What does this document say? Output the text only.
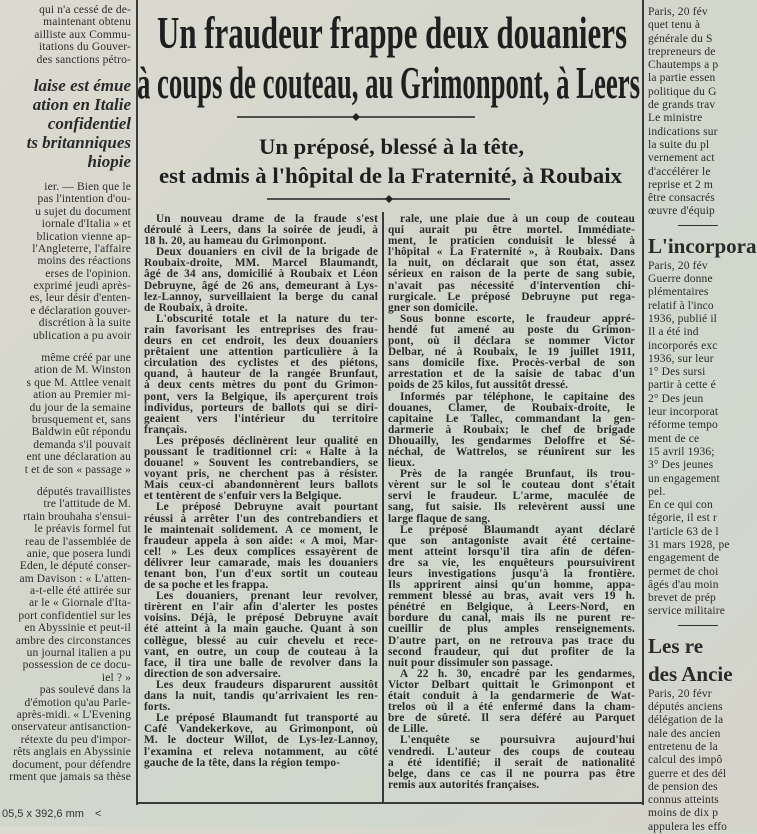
Un fraudeur frappe deux douaniers
à coups de couteau, au Grimonpont, à Leers
Un préposé, blessé à la tête,
est admis à l'hôpital de la Fraternité, à Roubaix
qui n'a cessé de de-
maintenant obtenu
ailliste aux Commu-
itations du Gouver-
des sanctions pétro-
laise est émue
ation en Italie
confidentiel
ts britanniques
hiopie
ier. — Bien que le
pas l'intention d'ou-
u sujet du document
iornale d'Italia » et
blication vienne ap-
l'Angleterre, l'affaire
moins des réactions
erses de l'opinion.
exprimé jeudi après-
es, leur désir d'enten-
e déclaration gouver-
discrétion à la suite
ublication a pu avoir
même créé par une
ation de M. Winston
s que M. Attlee venait
ation au Premier mi-
du jour de la semaine
brusquement et, sans
Baldwin eût répondu
demanda s'il pouvait
ent une déclaration au
t et de son « passage »
députés travaillistes
tre l'attitude de M.
rtain brouhaha s'ensui-
le préavis formel fut
reau de l'assemblée de
anie, que posera lundi
Eden, le député conser-
am Davison : « L'atten-
a-t-elle été attirée sur
ar le « Giornale d'Ita-
port confidentiel sur les
en Abyssinie et peut-il
ambre des circonstances
un journal italien a pu
possession de ce docu-
iel ? »
pas soulevé dans la
d'émotion qu'au Parle-
après-midi. « L'Evening
onservateur antisanction-
rétexte du peu d'impor-
rêts anglais en Abyssinie
document, pour défendre
rment que jamais sa thèse
Un nouveau drame de la fraude s'est
déroulé à Leers, dans la soirée de jeudi, à
18 h. 20, au hameau du Grimonpont.
Deux douaniers en civil de la brigade de
Roubaix-droite, MM. Marcel Blaumandt,
âgé de 34 ans, domicilié à Roubaix et Léon
Debruyne, âgé de 26 ans, demeurant à Lys-
lez-Lannoy, surveillaient la berge du canal
de Roubaix, à droite.
L'obscurité totale et la nature du ter-
rain favorisant les entreprises des frau-
deurs en cet endroit, les deux douaniers
prêtaient une attention particulière à la
circulation des cyclistes et des piétons,
quand, à hauteur de la rangée Brunfaut,
à deux cents mètres du pont du Grimon-
pont, vers la Belgique, ils aperçurent trois
individus, porteurs de ballots qui se diri-
geaient vers l'intérieur du territoire
français.
Les préposés déclinèrent leur qualité en
poussant le traditionnel cri: « Halte à la
douane! » Souvent les contrebandiers, se
voyant pris, ne cherchent pas à résister.
Mais ceux-ci abandonnèrent leurs ballots
et tentèrent de s'enfuir vers la Belgique.
Le préposé Debruyne avait pourtant
réussi à arrêter l'un des contrebandiers et
le maintenait solidement. A ce moment, le
fraudeur appela à son aide: « A moi, Mar-
cel! » Les deux complices essayèrent de
délivrer leur camarade, mais les douaniers
tenant bon, l'un d'eux sortit un couteau
de sa poche et les frappa.
Les douaniers, prenant leur revolver,
tirèrent en l'air afin d'alerter les postes
voisins. Déjà, le préposé Debruyne avait
été atteint à la main gauche. Quant à son
collègue, blessé au cuir chevelu et rece-
vant, en outre, un coup de couteau à la
face, il tira une balle de revolver dans la
direction de son adversaire.
Les deux fraudeurs disparurent aussitôt
dans la nuit, tandis qu'arrivaient les ren-
forts.
Le préposé Blaumandt fut transporté au
Café Vandekerkove, au Grimonpont, où
M. le docteur Willot, de Lys-lez-Lannoy,
l'examina et releva notamment, au côté
gauche de la tête, dans la région tempo-
rale, une plaie due à un coup de couteau
qui aurait pu être mortel. Immédiate-
ment, le praticien conduisit le blessé à
l'hôpital « La Fraternité », à Roubaix. Dans
la nuit, on déclarait que son état, assez
sérieux en raison de la perte de sang subie,
n'avait pas nécessité d'intervention chi-
rurgicale. Le préposé Debruyne put rega-
gner son domicile.
Sous bonne escorte, le fraudeur appré-
hendé fut amené au poste du Grimon-
pont, où il déclara se nommer Victor
Delbar, né à Roubaix, le 19 juillet 1911,
sans domicile fixe. Procès-verbal de son
arrestation et de la saisie de tabac d'un
poids de 25 kilos, fut aussitôt dressé.
Informés par téléphone, le capitaine des
douanes, Clamer, de Roubaix-droite, le
capitaine Le Tallec, commandant la gen-
darmerie à Roubaix; le chef de brigade
Dhouailly, les gendarmes Deloffre et Sé-
néchal, de Wattrelos, se réunirent sur les
lieux.
Près de la rangée Brunfaut, ils trou-
vèrent sur le sol le couteau dont s'était
servi le fraudeur. L'arme, maculée de
sang, fut saisie. Ils relevèrent aussi une
large flaque de sang.
Le préposé Blaumandt ayant déclaré
que son antagoniste avait été certaine-
ment atteint lorsqu'il tira afin de défen-
dre sa vie, les enquêteurs poursuivirent
leurs investigations jusqu'à la frontière.
Ils apprirent ainsi qu'un homme, appa-
remment blessé au bras, avait vers 19 h.
pénétré en Belgique, à Leers-Nord, en
bordure du canal, mais ils ne purent re-
cueillir de plus amples renseignements.
D'autre part, on ne retrouva pas trace du
second fraudeur, qui dut profiter de la
nuit pour dissimuler son passage.
A 22 h. 30, encadré par les gendarmes,
Victor Delbart quittait le Grimonpont et
était conduit à la gendarmerie de Wat-
trelos où il a été enfermé dans la cham-
bre de sûreté. Il sera déféré au Parquet
de Lille.
L'enquête se poursuivra aujourd'hui
vendredi. L'auteur des coups de couteau
a été identifié; il serait de nationalité
belge, dans ce cas il ne pourra pas être
remis aux autorités françaises.
Paris, 20 fév
quet tenu à
générale du S
trepreneurs de
Chautemps a p
la partie essen
politique du G
de grands trav
Le ministre
indications sur
la suite du pl
vernement act
d'accélérer le
reprise et 2 m
être consacrés
œuvre d'équip
L'incorpora
Paris, 20 fév
Guerre donne
plémentaires
relatif à l'inco
1936, publié il
Il a été ind
incorporés exc
1936, sur leur
1° Des sursi
partir à cette é
2° Des jeun
leur incorporat
réforme tempo
ment de ce
15 avril 1936;
3° Des jeunes
un engagement
pel.
En ce qui con
tégorie, il est r
l'article 63 de l
31 mars 1928, pe
engagement de
permet de choi
âgés d'au moin
brevet de prép
service militaire
Les re
des Ancie
Paris, 20 févr
députés anciens
délégation de la
nale des ancien
entretenu de la
calcul des impô
guerre et des dél
de pension des
connus atteints
moins de dix p
appulera les effo
05,5 x 392,6 mm <
